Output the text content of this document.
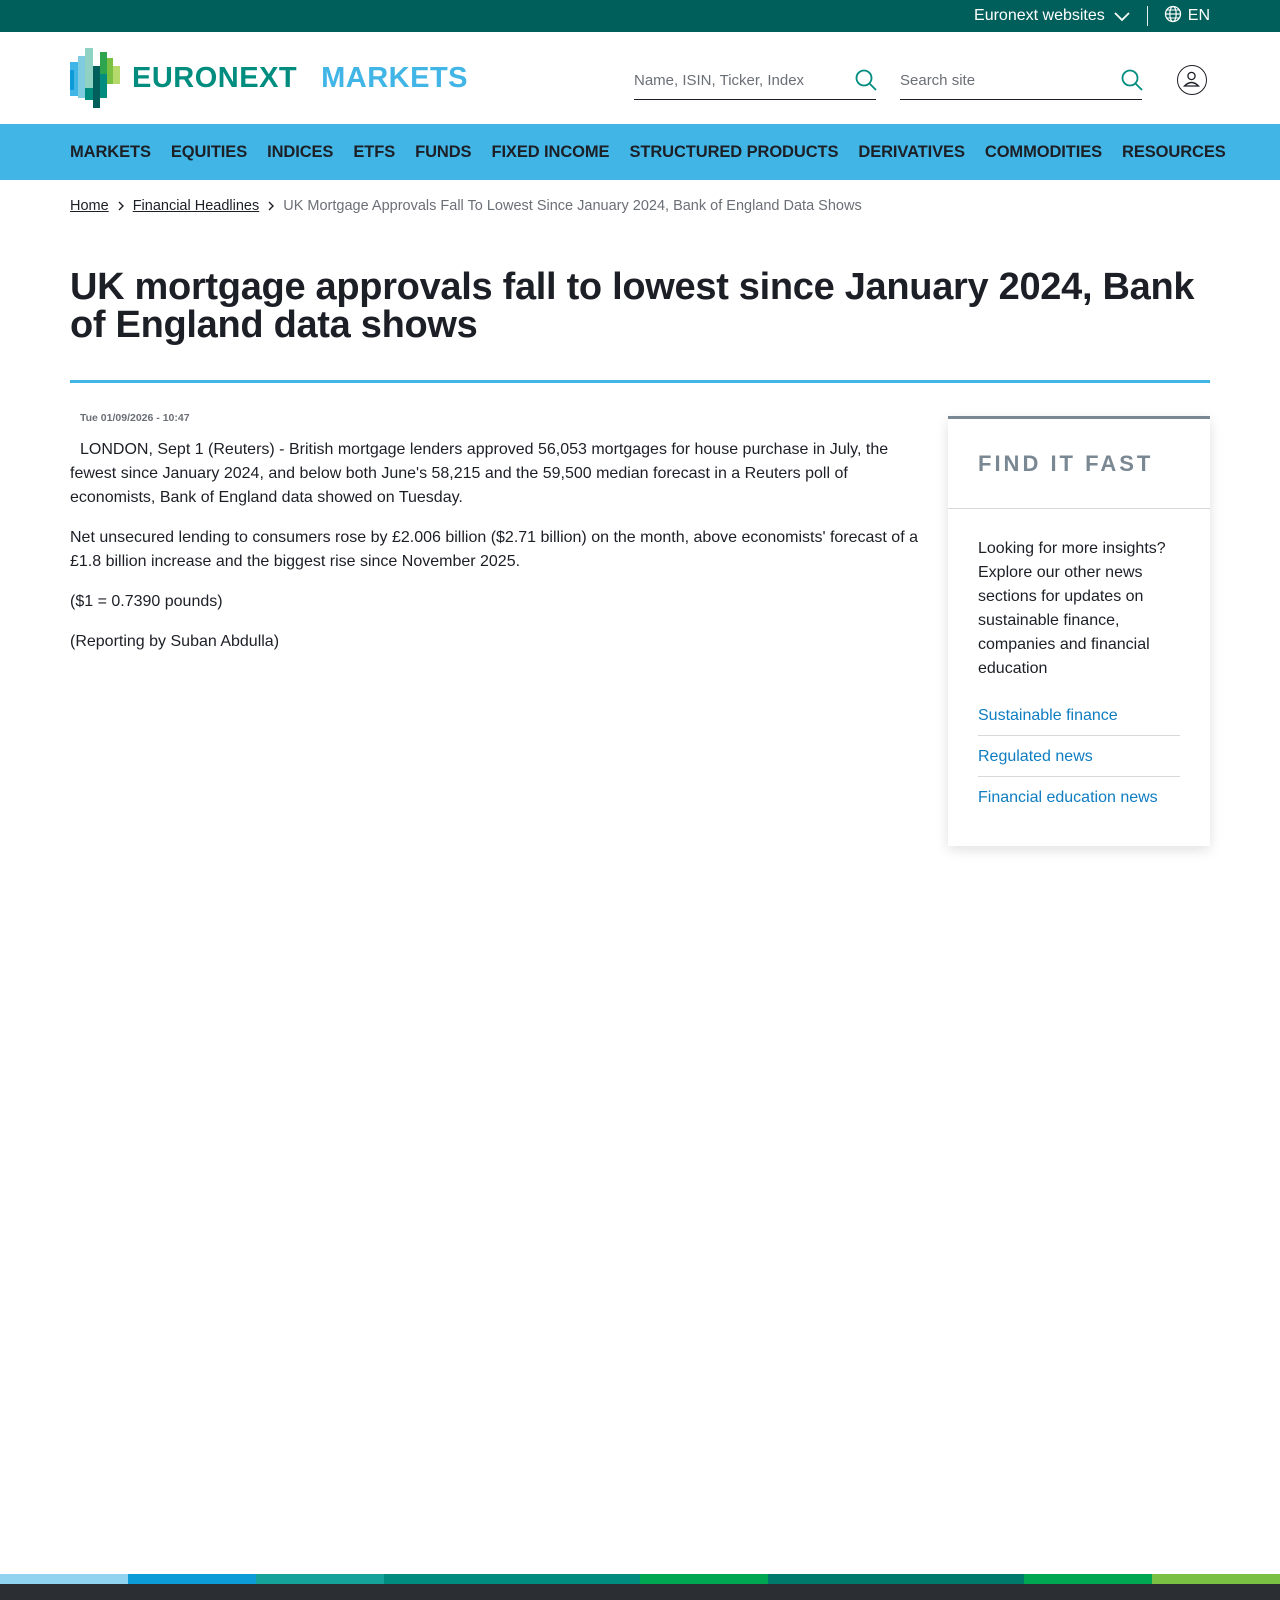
Euronext websites	EN
EURONEXT MARKETS
Name, ISIN, Ticker, Index
Search site
MARKETS EQUITIES INDICES ETFS FUNDS FIXED INCOME STRUCTURED PRODUCTS DERIVATIVES COMMODITIES RESOURCES
Home Financial Headlines UK Mortgage Approvals Fall To Lowest Since January 2024, Bank of England Data Shows
UK mortgage approvals fall to lowest since January 2024, Bank of England data shows
Tue 01/09/2026 - 10:47

LONDON, Sept 1 (Reuters) - British mortgage lenders approved 56,053 mortgages for house purchase in July, the fewest since January 2024, and below both June's 58,215 and the 59,500 median forecast in a Reuters poll of economists, Bank of England data showed on Tuesday.

Net unsecured lending to consumers rose by £2.006 billion ($2.71 billion) on the month, above economists' forecast of a £1.8 billion increase and the biggest rise since November 2025.

($1 = 0.7390 pounds)

(Reporting by Suban Abdulla)

FIND IT FAST
Looking for more insights? Explore our other news sections for updates on sustainable finance, companies and financial education
Sustainable finance
Regulated news
Financial education news
